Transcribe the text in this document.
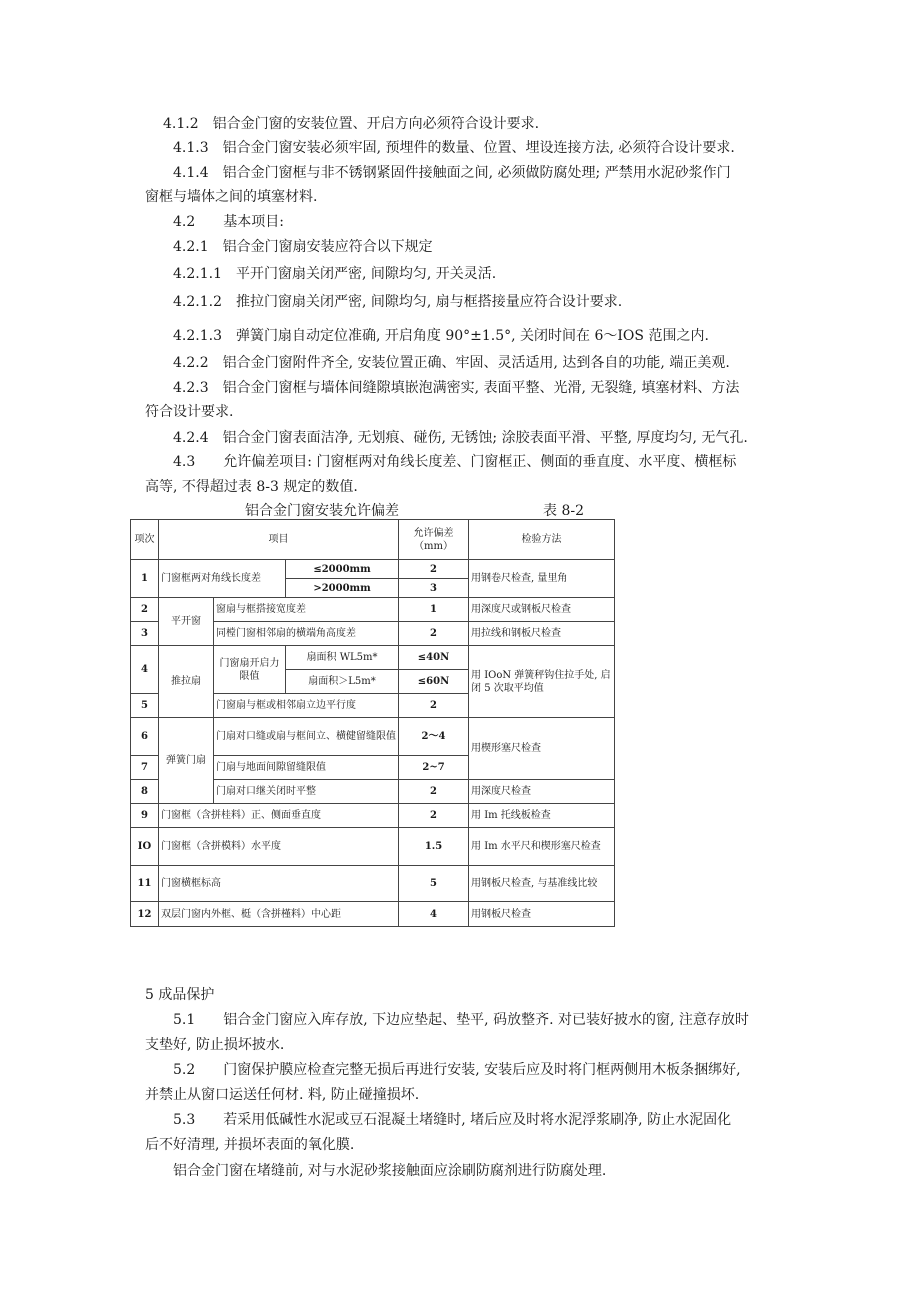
4.1.2　铝合金门窗的安装位置、开启方向必须符合设计要求.
4.1.3　铝合金门窗安装必须牢固, 预埋件的数量、位置、埋设连接方法, 必须符合设计要求.
4.1.4　铝合金门窗框与非不锈钢紧固件接触面之间, 必须做防腐处理; 严禁用水泥砂浆作门
窗框与墙体之间的填塞材料.
4.2　　基本项目:
4.2.1　铝合金门窗扇安装应符合以下规定
4.2.1.1　平开门窗扇关闭严密, 间隙均匀, 开关灵活.
4.2.1.2　推拉门窗扇关闭严密, 间隙均匀, 扇与框搭接量应符合设计要求.
4.2.1.3　弹簧门扇自动定位准确, 开启角度 90°±1.5°, 关闭时间在 6～IOS 范围之内.
4.2.2　铝合金门窗附件齐全, 安装位置正确、牢固、灵活适用, 达到各自的功能, 端正美观.
4.2.3　铝合金门窗框与墙体间缝隙填嵌泡满密实, 表面平整、光滑, 无裂缝, 填塞材料、方法
符合设计要求.
4.2.4　铝合金门窗表面洁净, 无划痕、碰伤, 无锈蚀; 涂胶表面平滑、平整, 厚度均匀, 无气孔.
4.3　　允许偏差项目: 门窗框两对角线长度差、门窗框正、侧面的垂直度、水平度、横框标
高等, 不得超过表 8-3 规定的数值.
铝合金门窗安装允许偏差	表 8-2
项次	项目			允许偏差（mm）	检验方法
1	门窗框两对角线长度差		≤2000mm	2	用钢卷尺检查, 量里角
			>2000mm	3	
2	平开窗	窗扇与框搭接宽度差		1	用深度尺或钢板尺检查
3		同樘门窗相邻扇的横端角高度差		2	用拉线和钢板尺检查
4	推拉扇	门窗扇开启力限值	扇面积 WL5m*	≤40N	用 IOoN 弹簧秤钩住拉手处, 启闭 5 次取平均值
			扇面积＞L5m*	≤60N	
5		门窗扇与框或相邻扇立边平行度		2	
6	弹簧门扇	门扇对口缝或扇与框间立、横健留缝限值		2～4	用楔形塞尺检查
7		门扇与地面间隙留缝限值		2~7	
8		门扇对口继关闭时平整		2	用深度尺检查
9	门窗框（含拼桂料）正、侧面垂直度			2	用 Im 托线板检查
IO	门窗框（含拼模料）水平度			1.5	用 Im 水平尺和楔形塞尺检查
11	门窗横框标高			5	用钢板尺检查, 与基准线比较
12	双层门窗内外框、梃（含拼槿料）中心距			4	用钢板尺检查
5 成品保护
5.1　　铝合金门窗应入库存放, 下边应垫起、垫平, 码放整齐. 对已装好披水的窗, 注意存放时
支垫好, 防止损坏披水.
5.2　　门窗保护膜应检查完整无损后再进行安装, 安装后应及时将门框两侧用木板条捆绑好,
并禁止从窗口运送任何材. 料, 防止碰撞损坏.
5.3　　若采用低碱性水泥或豆石混凝土堵缝时, 堵后应及时将水泥浮浆刷净, 防止水泥固化
后不好清理, 并损坏表面的氧化膜.
铝合金门窗在堵缝前, 对与水泥砂浆接触面应涂刷防腐剂进行防腐处理.
